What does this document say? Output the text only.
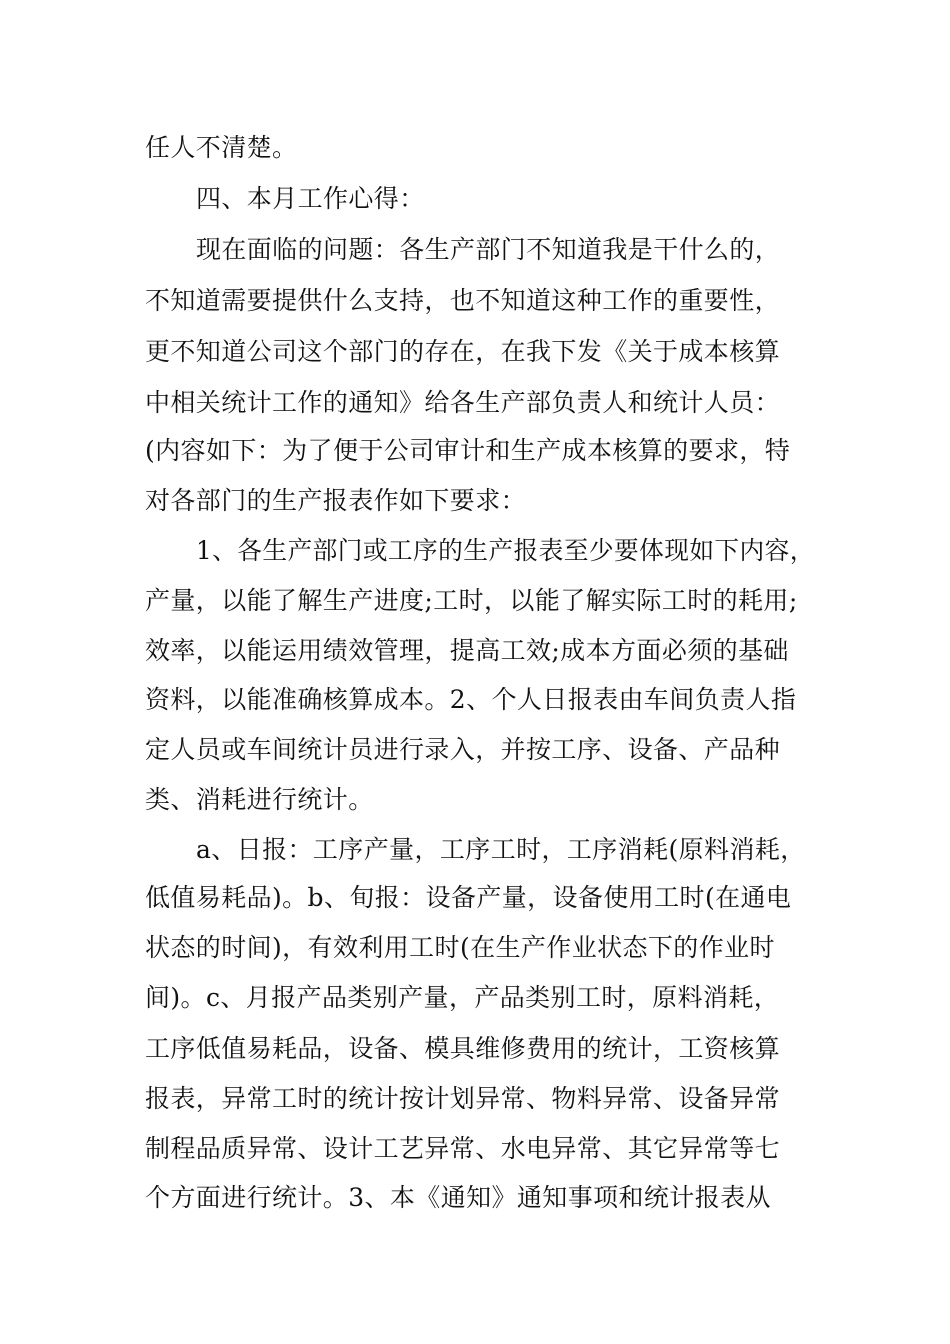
任人不清楚。
四、本月工作心得：
现在面临的问题：各生产部门不知道我是干什么的，
不知道需要提供什么支持，也不知道这种工作的重要性，
更不知道公司这个部门的存在，在我下发《关于成本核算
中相关统计工作的通知》给各生产部负责人和统计人员：
(内容如下：为了便于公司审计和生产成本核算的要求，特
对各部门的生产报表作如下要求：
1、各生产部门或工序的生产报表至少要体现如下内容，
产量，以能了解生产进度;工时，以能了解实际工时的耗用;
效率，以能运用绩效管理，提高工效;成本方面必须的基础
资料，以能准确核算成本。2、个人日报表由车间负责人指
定人员或车间统计员进行录入，并按工序、设备、产品种
类、消耗进行统计。
a、日报：工序产量，工序工时，工序消耗(原料消耗，
低值易耗品)。b、旬报：设备产量，设备使用工时(在通电
状态的时间)，有效利用工时(在生产作业状态下的作业时
间)。c、月报产品类别产量，产品类别工时，原料消耗，
工序低值易耗品，设备、模具维修费用的统计，工资核算
报表，异常工时的统计按计划异常、物料异常、设备异常
制程品质异常、设计工艺异常、水电异常、其它异常等七
个方面进行统计。3、本《通知》通知事项和统计报表从
